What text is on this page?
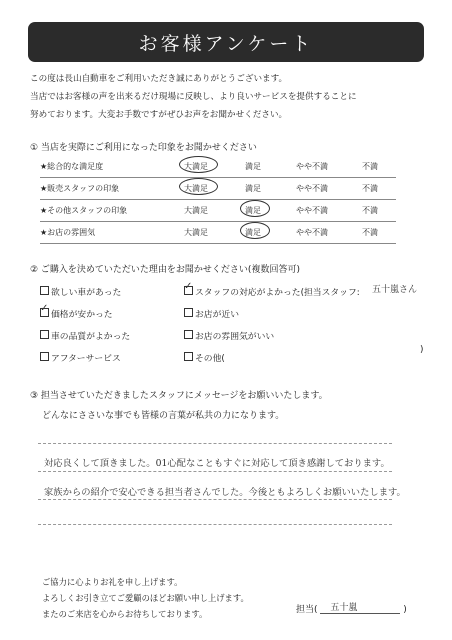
お客様アンケート
この度は長山自動車をご利用いただき誠にありがとうございます。
当店ではお客様の声を出来るだけ現場に反映し、より良いサービスを提供することに
努めております。大変お手数ですがぜひお声をお聞かせください。
① 当店を実際にご利用になった印象をお聞かせください
★総合的な満足度	大満足	満足	やや不満	不満
★販売スタッフの印象	大満足	満足	やや不満	不満
★その他スタッフの印象	大満足	満足	やや不満	不満
★お店の雰囲気	大満足	満足	やや不満	不満
② ご購入を決めていただいた理由をお聞かせください(複数回答可)
欲しい車があった
✓
価格が安かった
車の品質がよかった
アフターサービス
✓
スタッフの対応がよかった(担当スタッフ:
お店が近い
お店の雰囲気がいい
その他(
五十嵐さん
)
③ 担当させていただきましたスタッフにメッセージをお願いいたします。
どんなにささいな事でも皆様の言葉が私共の力になります。
対応良くして頂きました。01心配なこともすぐに対応して頂き感謝しております。
家族からの紹介で安心できる担当者さんでした。今後ともよろしくお願いいたします。
ご協力に心よりお礼を申し上げます。
よろしくお引き立てご愛顧のほどお願い申し上げます。
またのご来店を心からお待ちしております。	担当( 五十嵐	)
